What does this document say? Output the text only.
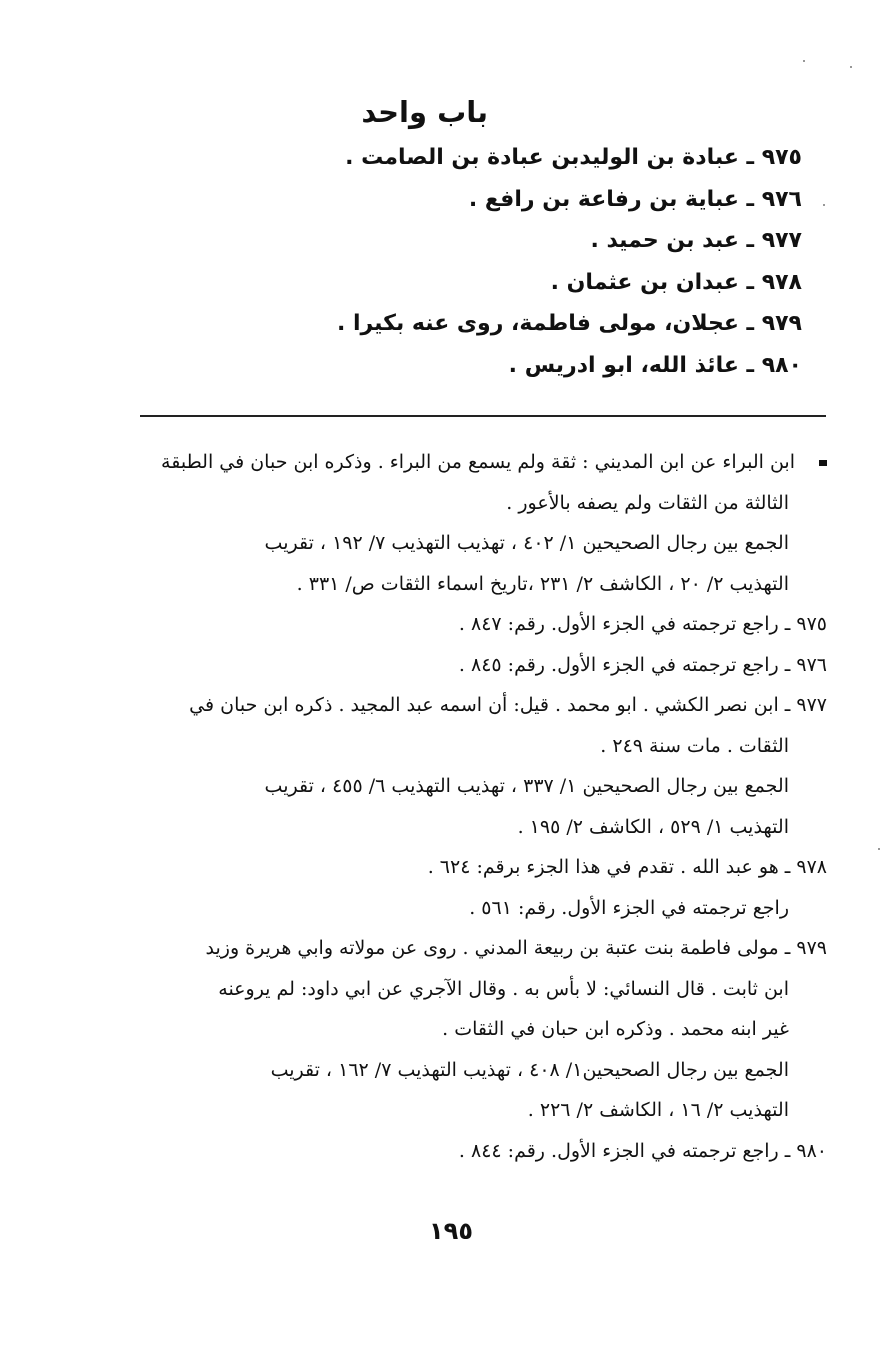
باب واحد
٩٧٥ ـ عبادة بن الوليدبن عبادة بن الصامت .
٩٧٦ ـ عباية بن رفاعة بن رافع .
٩٧٧ ـ عبد بن حميد .
٩٧٨ ـ عبدان بن عثمان .
٩٧٩ ـ عجلان، مولى فاطمة، روى عنه بكيرا .
٩٨٠ ـ عائذ الله، ابو ادريس .
ابن البراء عن ابن المديني : ثقة ولم يسمع من البراء . وذكره ابن حبان في الطبقة
الثالثة من الثقات ولم يصفه بالأعور .
الجمع بين رجال الصحيحين ١/ ٤٠٢ ، تهذيب التهذيب ٧/ ١٩٢ ، تقريب
التهذيب ٢/ ٢٠ ، الكاشف ٢/ ٢٣١ ،تاريخ اسماء الثقات ص/ ٣٣١ .
٩٧٥ ـ راجع ترجمته في الجزء الأول. رقم: ٨٤٧ .
٩٧٦ ـ راجع ترجمته في الجزء الأول. رقم: ٨٤٥ .
٩٧٧ ـ ابن نصر الكشي . ابو محمد . قيل: أن اسمه عبد المجيد . ذكره ابن حبان في
الثقات . مات سنة ٢٤٩ .
الجمع بين رجال الصحيحين ١/ ٣٣٧ ، تهذيب التهذيب ٦/ ٤٥٥ ، تقريب
التهذيب ١/ ٥٢٩ ، الكاشف ٢/ ١٩٥ .
٩٧٨ ـ هو عبد الله . تقدم في هذا الجزء برقم: ٦٢٤ .
راجع ترجمته في الجزء الأول. رقم: ٥٦١ .
٩٧٩ ـ مولى فاطمة بنت عتبة بن ربيعة المدني . روى عن مولاته وابي هريرة وزيد
ابن ثابت . قال النسائي: لا بأس به . وقال الآجري عن ابي داود: لم يروعنه
غير ابنه محمد . وذكره ابن حبان في الثقات .
الجمع بين رجال الصحيحين١/ ٤٠٨ ، تهذيب التهذيب ٧/ ١٦٢ ، تقريب
التهذيب ٢/ ١٦ ، الكاشف ٢/ ٢٢٦ .
٩٨٠ ـ راجع ترجمته في الجزء الأول. رقم: ٨٤٤ .
١٩٥
